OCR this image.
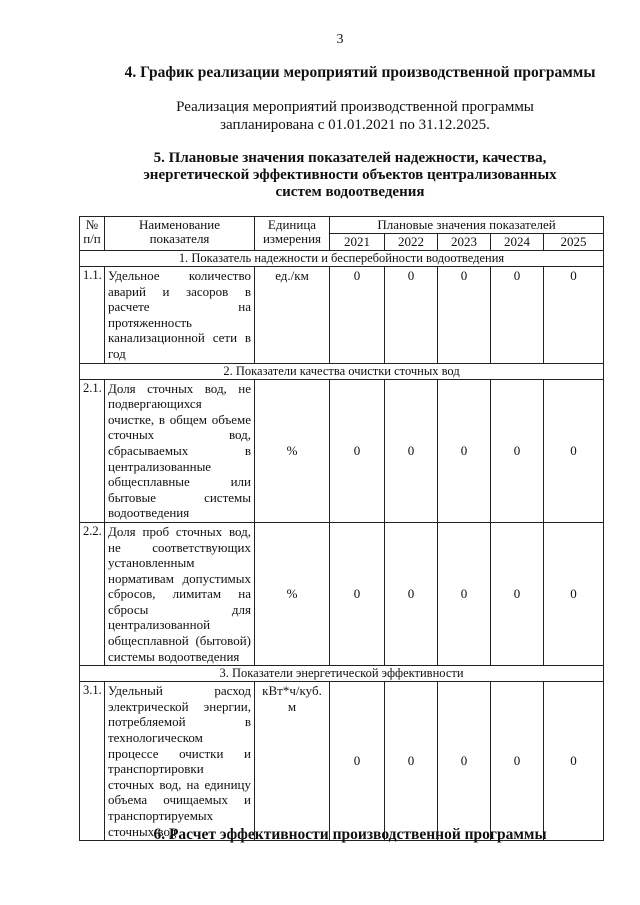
3
4. График реализации мероприятий производственной программы
Реализация мероприятий производственной программы
запланирована с 01.01.2021 по 31.12.2025.
5. Плановые значения показателей надежности, качества,
энергетической эффективности объектов централизованных
систем водоотведения
№ п/п	Наименование показателя	Единица измерения	Плановые значения показателей				
			2021	2022	2023	2024	2025
1. Показатель надежности и бесперебойности водоотведения							
1.1.	Удельное количество аварий и засоров в расчете на протяженность канализационной сети в год	ед./км	0	0	0	0	0
2. Показатели качества очистки сточных вод							
2.1.	Доля сточных вод, не подвергающихся очистке, в общем объеме сточных вод, сбрасываемых в централизованные общесплавные или бытовые системы водоотведения	%	0	0	0	0	0
2.2.	Доля проб сточных вод, не соответствующих установленным нормативам допустимых сбросов, лимитам на сбросы для централизованной общесплавной (бытовой) системы водоотведения	%	0	0	0	0	0
3. Показатели энергетической эффективности							
3.1.	Удельный расход электрической энергии, потребляемой в технологическом процессе очистки и транспортировки сточных вод, на единицу объема очищаемых и транспортируемых сточных вод	кВт*ч/куб. м	0	0	0	0	0
6. Расчет эффективности производственной программы
